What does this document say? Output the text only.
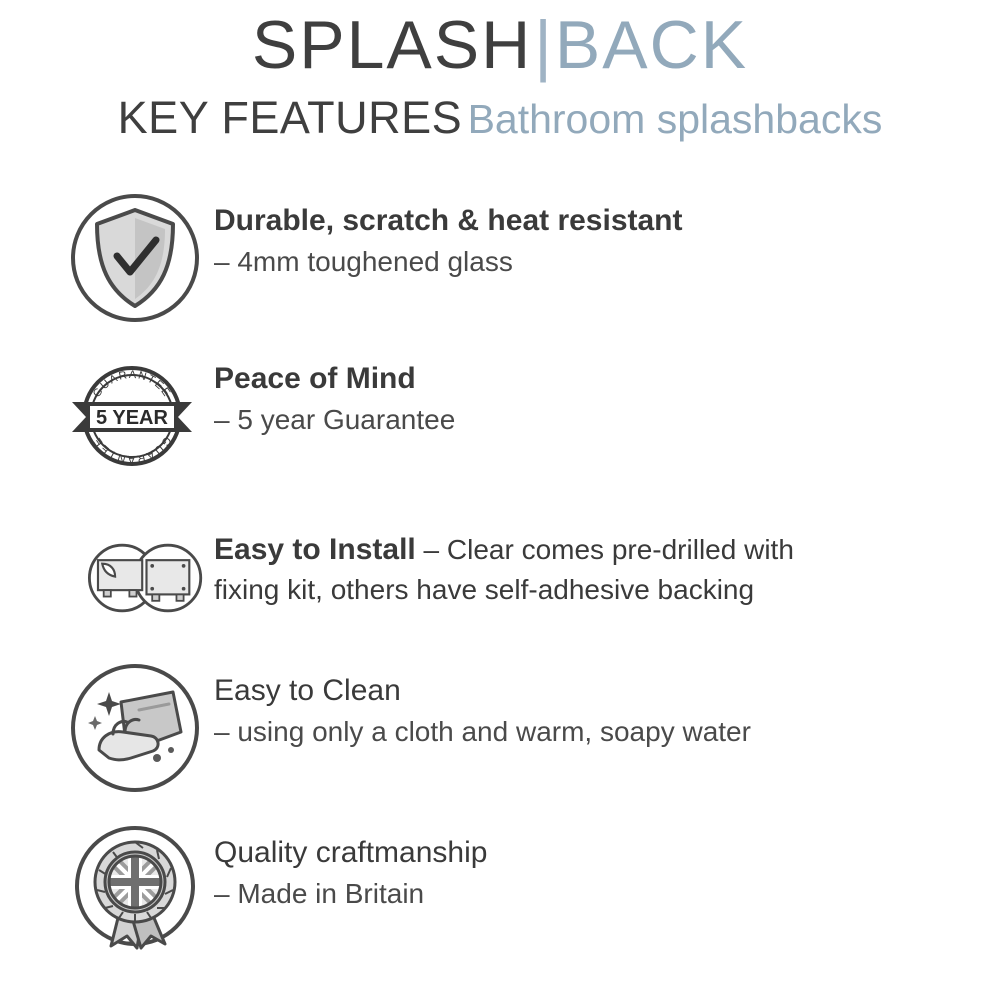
SPLASH|BACK
KEY FEATURES Bathroom splashbacks
Durable, scratch & heat resistant
– 4mm toughened glass
5 YEAR
GUARANTEE
GUARANTEE
Peace of Mind
– 5 year Guarantee
Easy to Install – Clear comes pre-drilled with
fixing kit, others have self-adhesive backing
Easy to Clean
– using only a cloth and warm, soapy water
Quality craftmanship
– Made in Britain
